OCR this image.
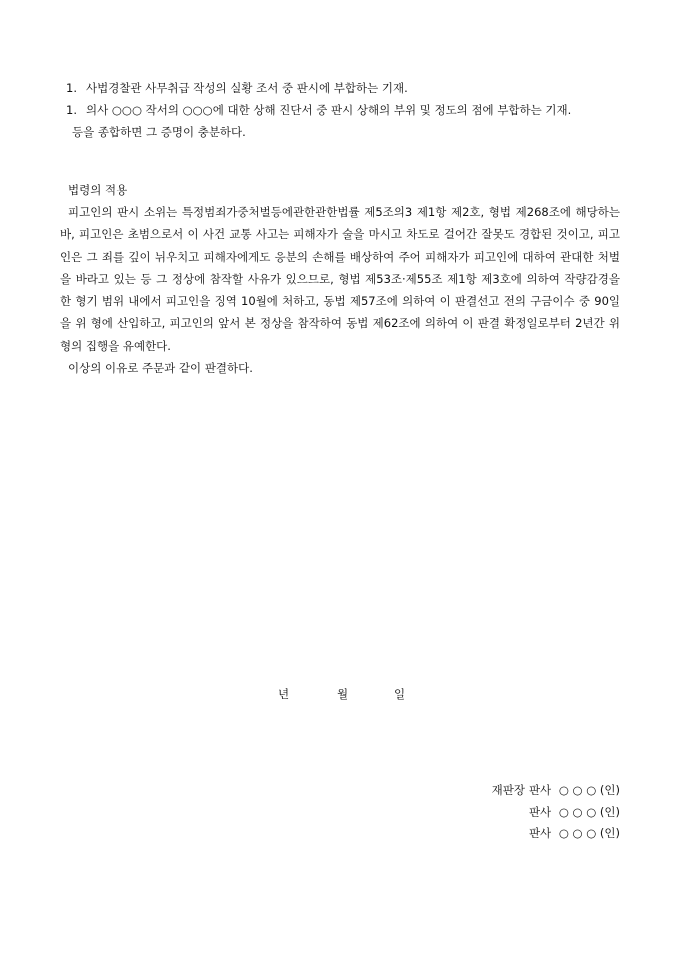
1. 사법경찰관 사무취급 작성의 실황 조서 중 판시에 부합하는 기재.
1. 의사 ○○○ 작서의 ○○○에 대한 상해 진단서 중 판시 상해의 부위 및 정도의 점에 부합하는 기재.
등을 종합하면 그 증명이 충분하다.
법령의 적용
피고인의 판시 소위는 특정범죄가중처벌등에관한관한법률 제5조의3 제1항 제2호, 형법 제268조에 해당하는 바, 피고인은 초범으로서 이 사건 교통 사고는 피해자가 술을 마시고 차도로 걸어간 잘못도 경합된 것이고, 피고인은 그 죄를 깊이 뉘우치고 피해자에게도 응분의 손해를 배상하여 주어 피해자가 피고인에 대하여 관대한 처벌을 바라고 있는 등 그 정상에 참작할 사유가 있으므로, 형법 제53조·제55조 제1항 제3호에 의하여 작량감경을 한 형기 범위 내에서 피고인을 징역 10월에 처하고, 동법 제57조에 의하여 이 판결선고 전의 구금이수 중 90일을 위 형에 산입하고, 피고인의 앞서 본 정상을 참작하여 동법 제62조에 의하여 이 판결 확정일로부터 2년간 위 형의 집행을 유예한다.
이상의 이유로 주문과 같이 판결하다.
년	월	일
재판장 판사 ○ ○ ○ (인)
판사 ○ ○ ○ (인)
판사 ○ ○ ○ (인)
